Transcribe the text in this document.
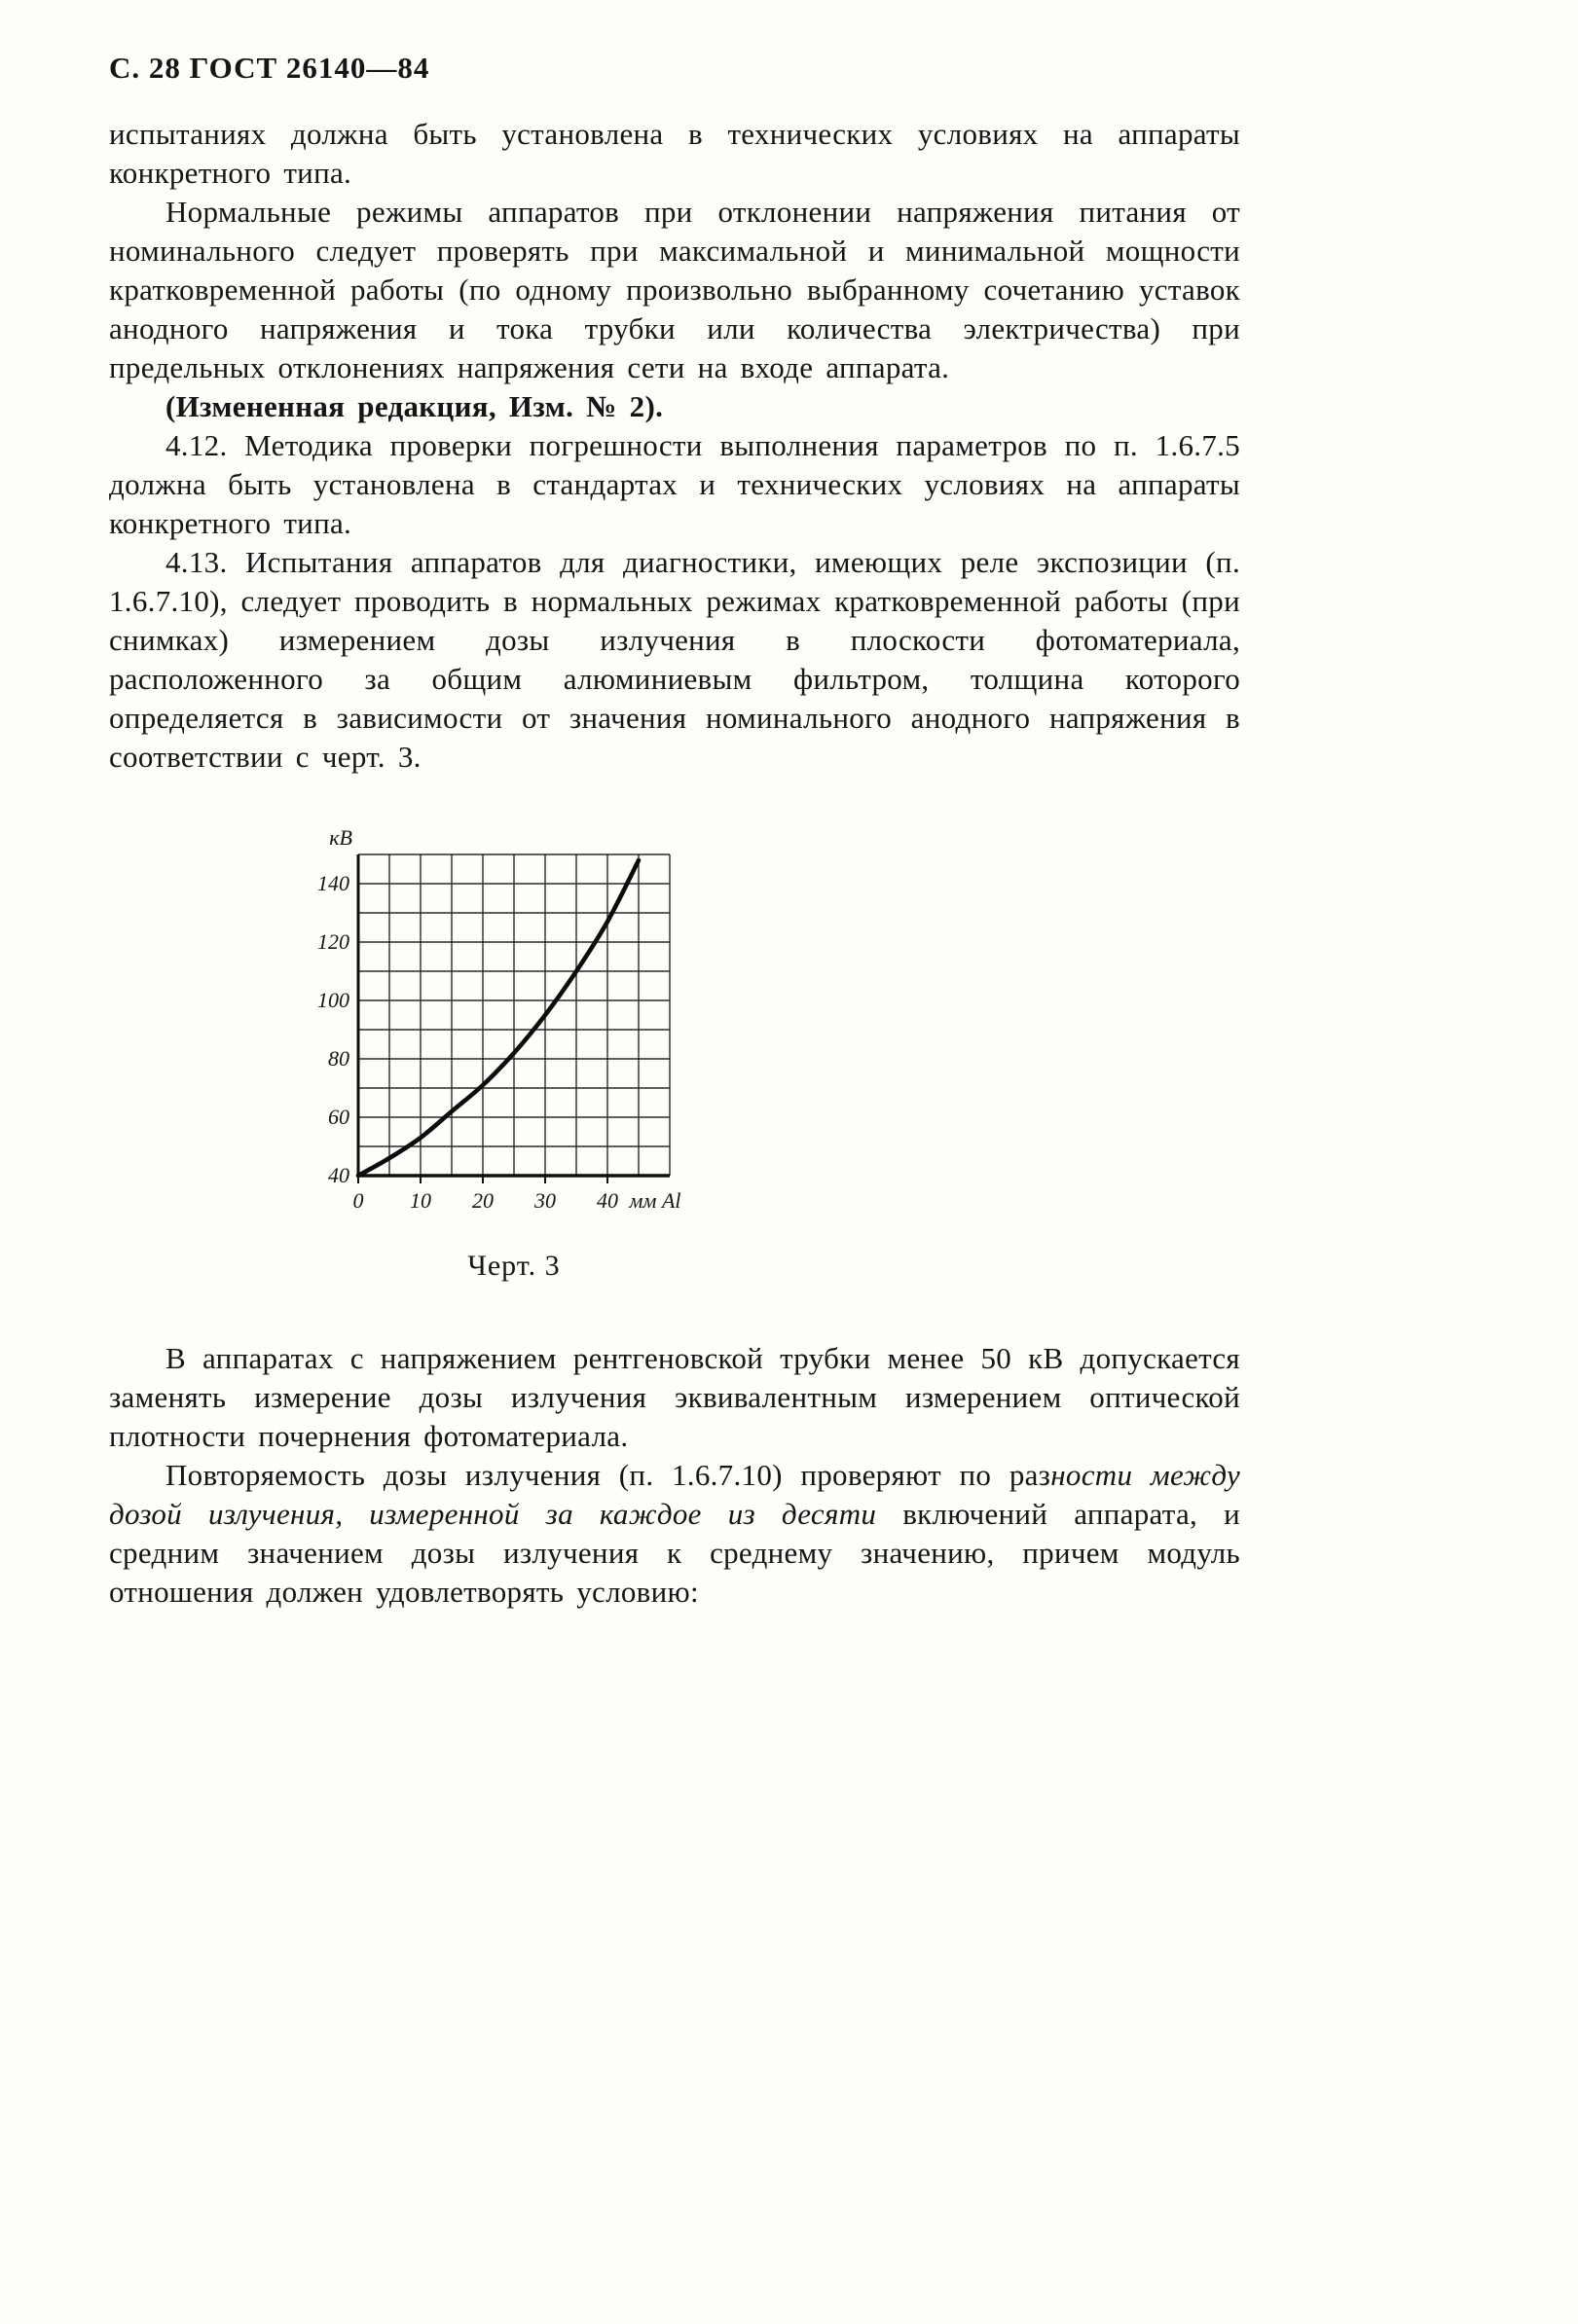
С. 28 ГОСТ 26140—84

испытаниях должна быть установлена в технических условиях на аппараты конкретного типа.

Нормальные режимы аппаратов при отклонении напряжения питания от номинального следует проверять при максимальной и минимальной мощности кратковременной работы (по одному произвольно выбранному сочетанию уставок анодного напряжения и тока трубки или количества электричества) при предельных отклонениях напряжения сети на входе аппарата.

(Измененная редакция, Изм. № 2).

4.12. Методика проверки погрешности выполнения параметров по п. 1.6.7.5 должна быть установлена в стандартах и технических условиях на аппараты конкретного типа.

4.13. Испытания аппаратов для диагностики, имеющих реле экспозиции (п. 1.6.7.10), следует проводить в нормальных режимах кратковременной работы (при снимках) измерением дозы излучения в плоскости фотоматериала, расположенного за общим алюминиевым фильтром, толщина которого определяется в зависимости от значения номинального анодного напряжения в соответствии с черт. 3.

40
60
80
100
120
140
0 10 20 30 40
кВ
мм Al
Черт. 3

В аппаратах с напряжением рентгеновской трубки менее 50 кВ допускается заменять измерение дозы излучения эквивалентным измерением оптической плотности почернения фотоматериала.

Повторяемость дозы излучения (п. 1.6.7.10) проверяют по разности между дозой излучения, измеренной за каждое из десяти включений аппарата, и средним значением дозы излучения к среднему значению, причем модуль отношения должен удовлетворять условию:
